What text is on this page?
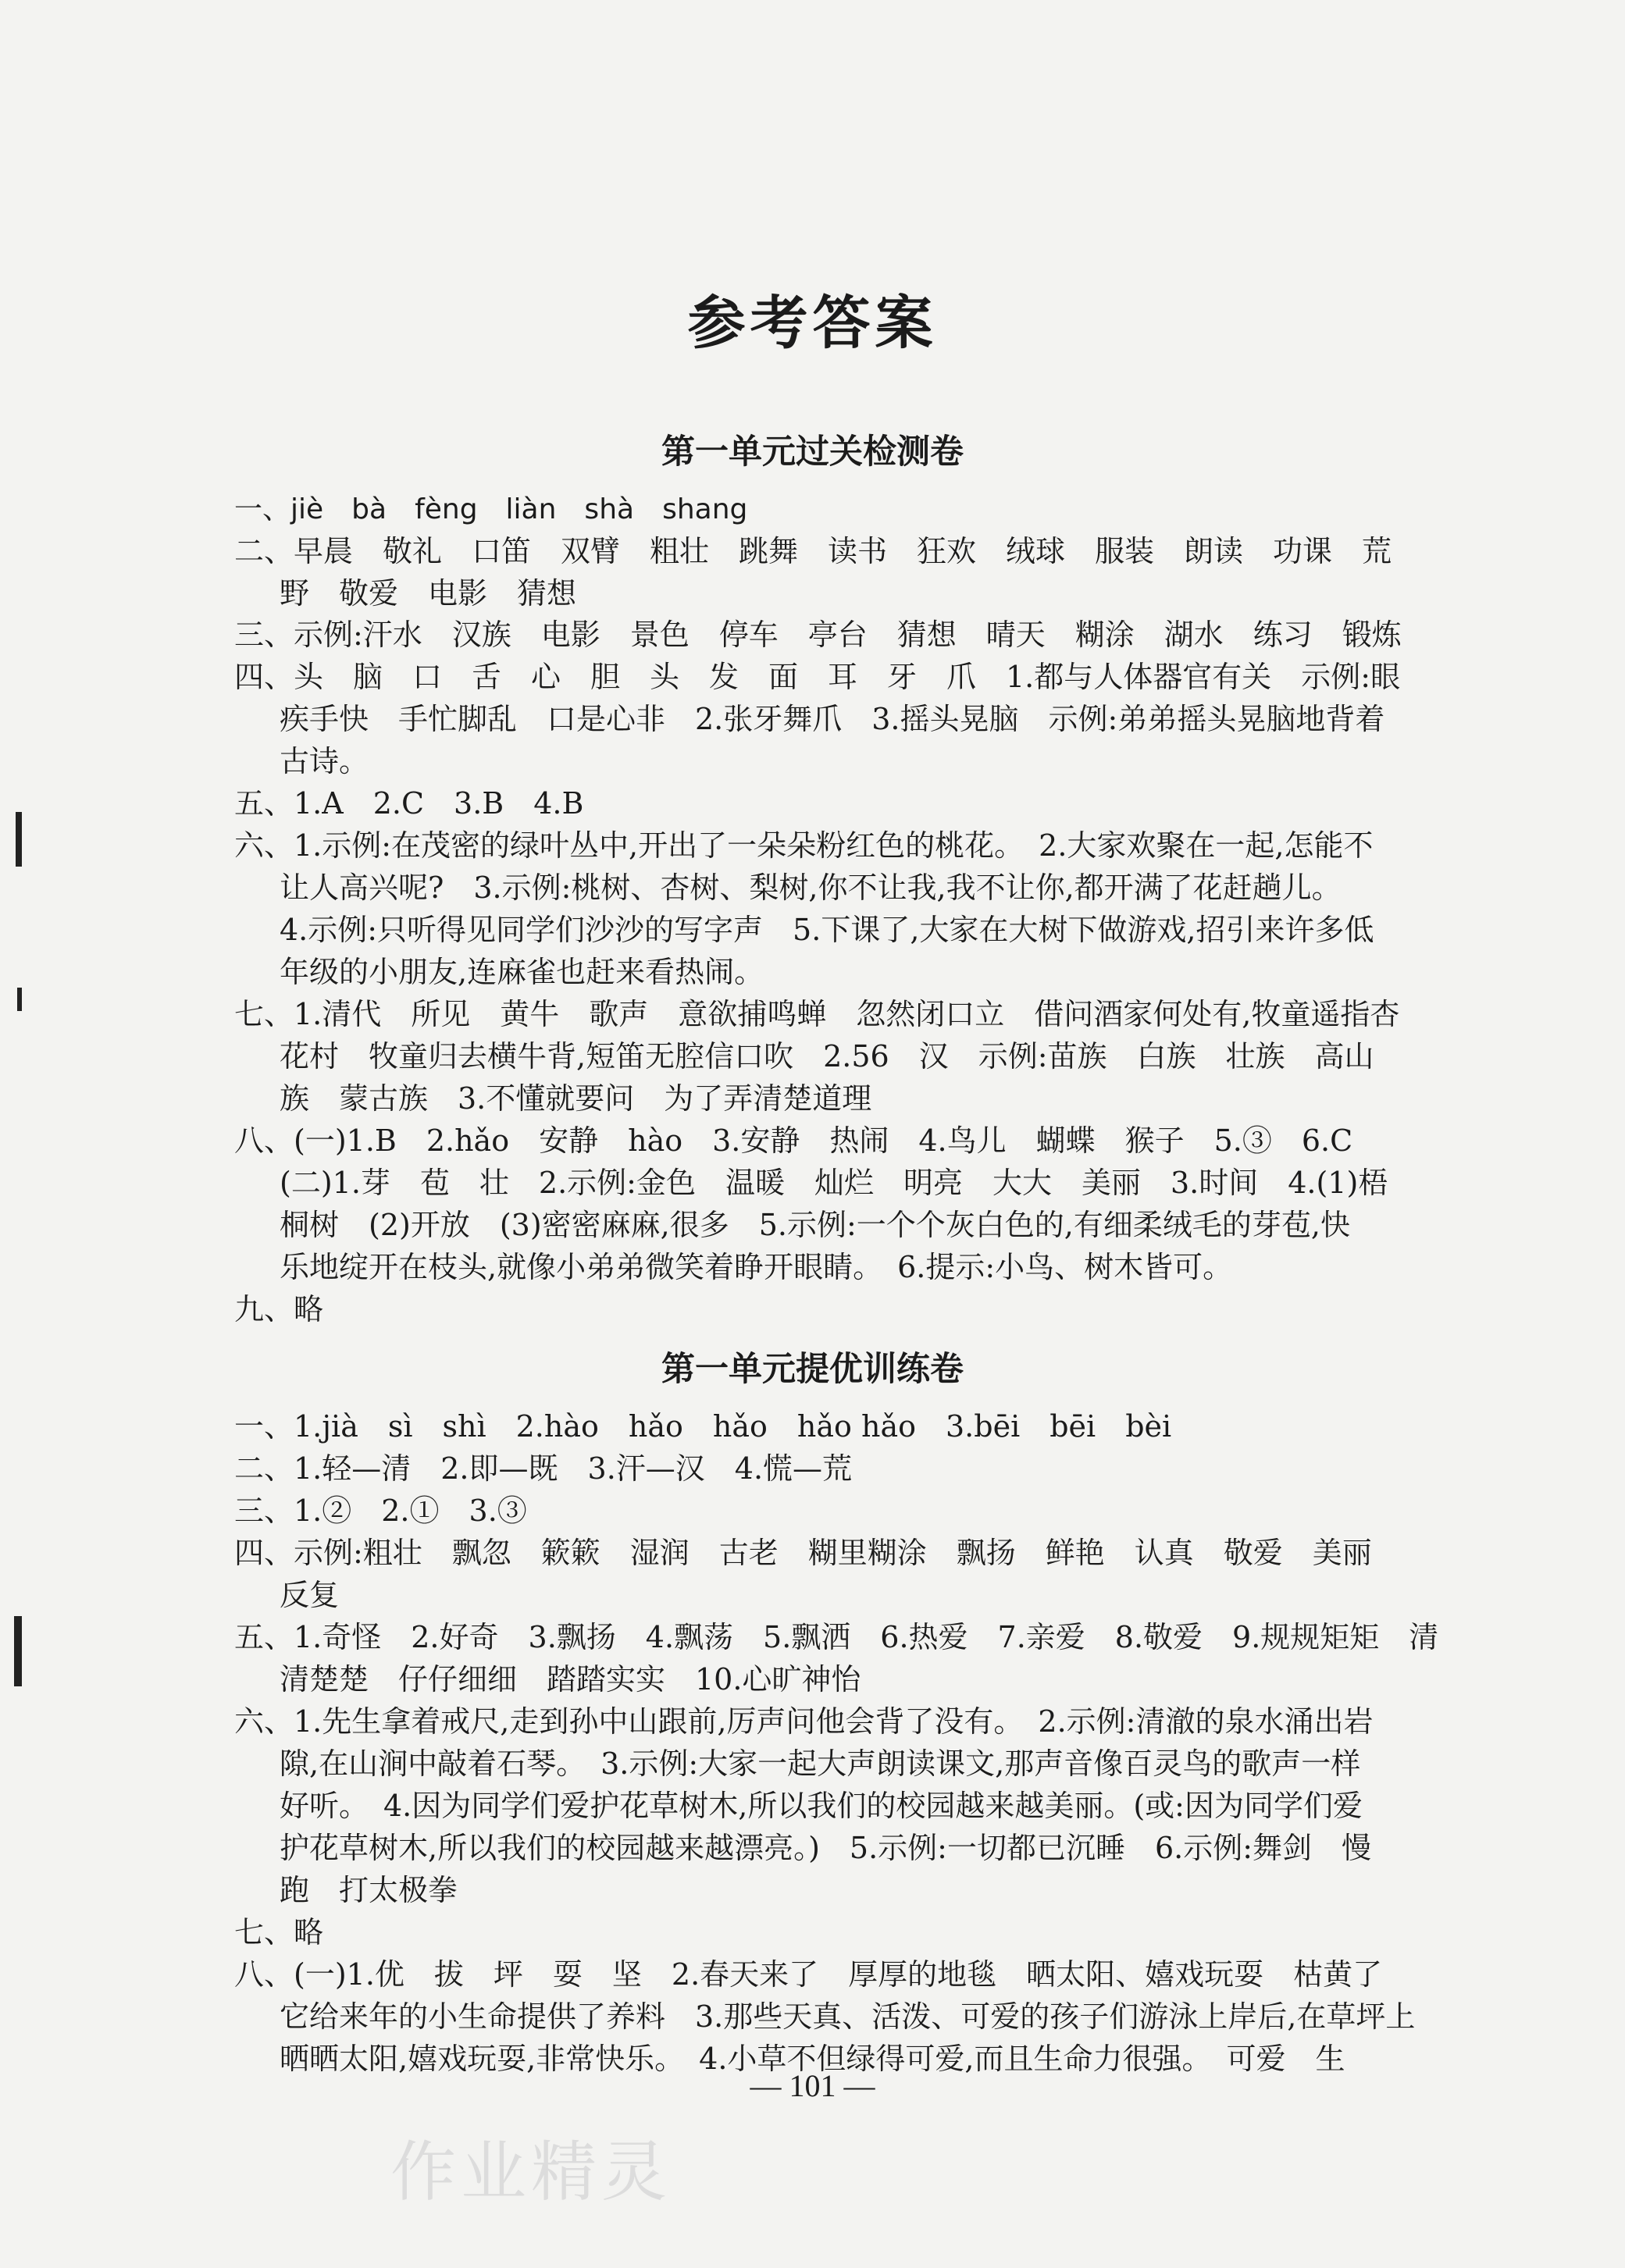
参考答案
第一单元过关检测卷
一、jiè　bà　fèng　liàn　shà　shang
二、早晨　敬礼　口笛　双臂　粗壮　跳舞　读书　狂欢　绒球　服装　朗读　功课　荒
野　敬爱　电影　猜想
三、示例:汗水　汉族　电影　景色　停车　亭台　猜想　晴天　糊涂　湖水　练习　锻炼
四、头　脑　口　舌　心　胆　头　发　面　耳　牙　爪　1.都与人体器官有关　示例:眼
疾手快　手忙脚乱　口是心非　2.张牙舞爪　3.摇头晃脑　示例:弟弟摇头晃脑地背着
古诗。
五、1.A　2.C　3.B　4.B
六、1.示例:在茂密的绿叶丛中,开出了一朵朵粉红色的桃花。　2.大家欢聚在一起,怎能不
让人高兴呢?　3.示例:桃树、杏树、梨树,你不让我,我不让你,都开满了花赶趟儿。
4.示例:只听得见同学们沙沙的写字声　5.下课了,大家在大树下做游戏,招引来许多低
年级的小朋友,连麻雀也赶来看热闹。
七、1.清代　所见　黄牛　歌声　意欲捕鸣蝉　忽然闭口立　借问酒家何处有,牧童遥指杏
花村　牧童归去横牛背,短笛无腔信口吹　2.56　汉　示例:苗族　白族　壮族　高山
族　蒙古族　3.不懂就要问　为了弄清楚道理
八、(一)1.B　2.hǎo　安静　hào　3.安静　热闹　4.鸟儿　蝴蝶　猴子　5.③　6.C
(二)1.芽　苞　壮　2.示例:金色　温暖　灿烂　明亮　大大　美丽　3.时间　4.(1)梧
桐树　(2)开放　(3)密密麻麻,很多　5.示例:一个个灰白色的,有细柔绒毛的芽苞,快
乐地绽开在枝头,就像小弟弟微笑着睁开眼睛。　6.提示:小鸟、树木皆可。
九、略
第一单元提优训练卷
一、1.jià　sì　shì　2.hào　hǎo　hǎo　hǎo hǎo　3.bēi　bēi　bèi
二、1.轻—清　2.即—既　3.汗—汉　4.慌—荒
三、1.②　2.①　3.③
四、示例:粗壮　飘忽　簌簌　湿润　古老　糊里糊涂　飘扬　鲜艳　认真　敬爱　美丽
反复
五、1.奇怪　2.好奇　3.飘扬　4.飘荡　5.飘洒　6.热爱　7.亲爱　8.敬爱　9.规规矩矩　清
清楚楚　仔仔细细　踏踏实实　10.心旷神怡
六、1.先生拿着戒尺,走到孙中山跟前,厉声问他会背了没有。　2.示例:清澈的泉水涌出岩
隙,在山涧中敲着石琴。　3.示例:大家一起大声朗读课文,那声音像百灵鸟的歌声一样
好听。　4.因为同学们爱护花草树木,所以我们的校园越来越美丽。(或:因为同学们爱
护花草树木,所以我们的校园越来越漂亮。)　5.示例:一切都已沉睡　6.示例:舞剑　慢
跑　打太极拳
七、略
八、(一)1.优　拔　坪　耍　坚　2.春天来了　厚厚的地毯　晒太阳、嬉戏玩耍　枯黄了
它给来年的小生命提供了养料　3.那些天真、活泼、可爱的孩子们游泳上岸后,在草坪上
晒晒太阳,嬉戏玩耍,非常快乐。　4.小草不但绿得可爱,而且生命力很强。　可爱　生
— 101 —
作业精灵
